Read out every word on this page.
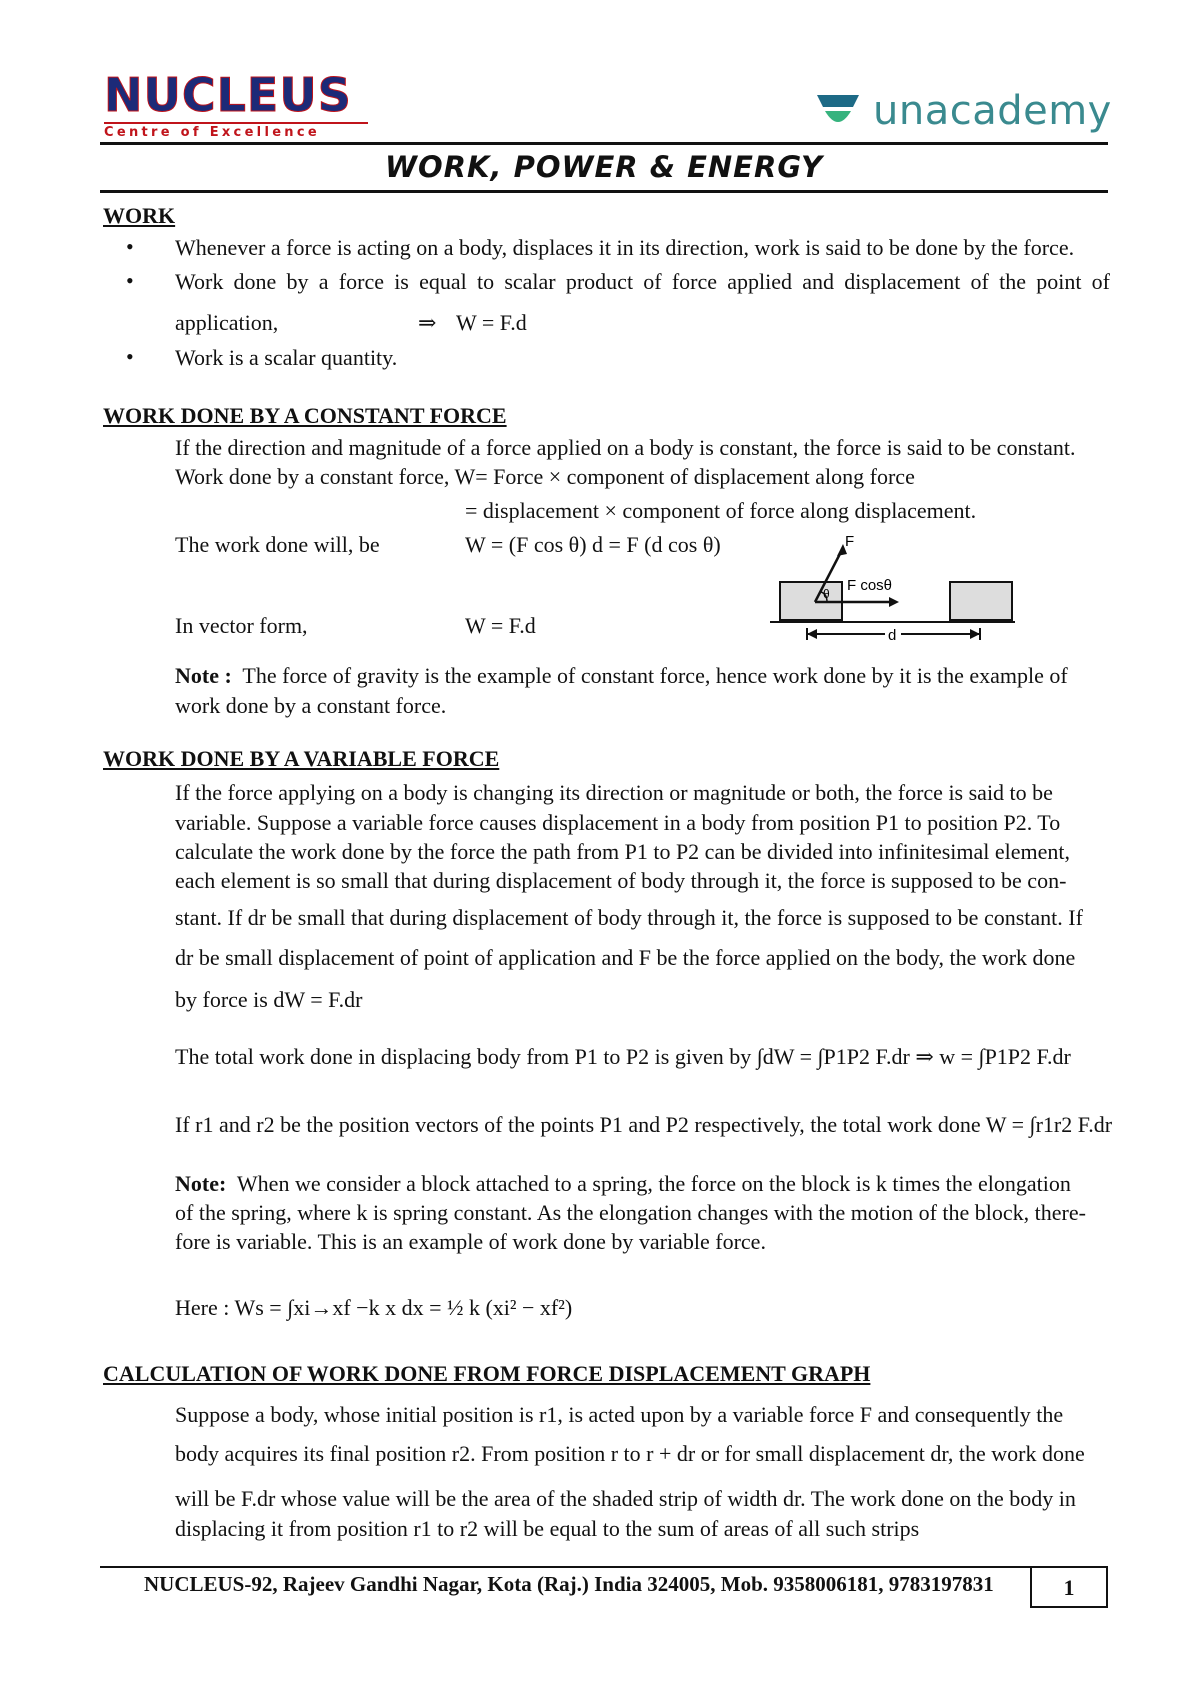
NUCLEUS
Centre of Excellence	unacademy
WORK, POWER & ENERGY
WORK
• Whenever a force is acting on a body, displaces it in its direction, work is said to be done by the force.
• Work done by a force is equal to scalar product of force applied and displacement of the point of
application,	⇒ W = F.d
• Work is a scalar quantity.
WORK DONE BY A CONSTANT FORCE
If the direction and magnitude of a force applied on a body is constant, the force is said to be constant.
Work done by a constant force, W= Force × component of displacement along force
= displacement × component of force along displacement.
The work done will, be	W = (F cos θ) d = F (d cos θ)
In vector form,	W = F.d
F
F cosθ
θ
d
Note : The force of gravity is the example of constant force, hence work done by it is the example of
work done by a constant force.
WORK DONE BY A VARIABLE FORCE
If the force applying on a body is changing its direction or magnitude or both, the force is said to be
variable. Suppose a variable force causes displacement in a body from position P1 to position P2. To
calculate the work done by the force the path from P1 to P2 can be divided into infinitesimal element,
each element is so small that during displacement of body through it, the force is supposed to be con-
stant. If dr be small that during displacement of body through it, the force is supposed to be constant. If
dr be small displacement of point of application and F be the force applied on the body, the work done
by force is dW = F.dr
The total work done in displacing body from P1 to P2 is given by ∫dW = ∫P1P2 F.dr ⇒ w = ∫P1P2 F.dr
If r1 and r2 be the position vectors of the points P1 and P2 respectively, the total work done W = ∫r1r2 F.dr
Note: When we consider a block attached to a spring, the force on the block is k times the elongation
of the spring, where k is spring constant. As the elongation changes with the motion of the block, there-
fore is variable. This is an example of work done by variable force.
Here : Ws = ∫xi→xf −k x dx = ½ k (xi² − xf²)
CALCULATION OF WORK DONE FROM FORCE DISPLACEMENT GRAPH
Suppose a body, whose initial position is r1, is acted upon by a variable force F and consequently the
body acquires its final position r2. From position r to r + dr or for small displacement dr, the work done
will be F.dr whose value will be the area of the shaded strip of width dr. The work done on the body in
displacing it from position r1 to r2 will be equal to the sum of areas of all such strips
NUCLEUS-92, Rajeev Gandhi Nagar, Kota (Raj.) India 324005, Mob. 9358006181, 9783197831	1
